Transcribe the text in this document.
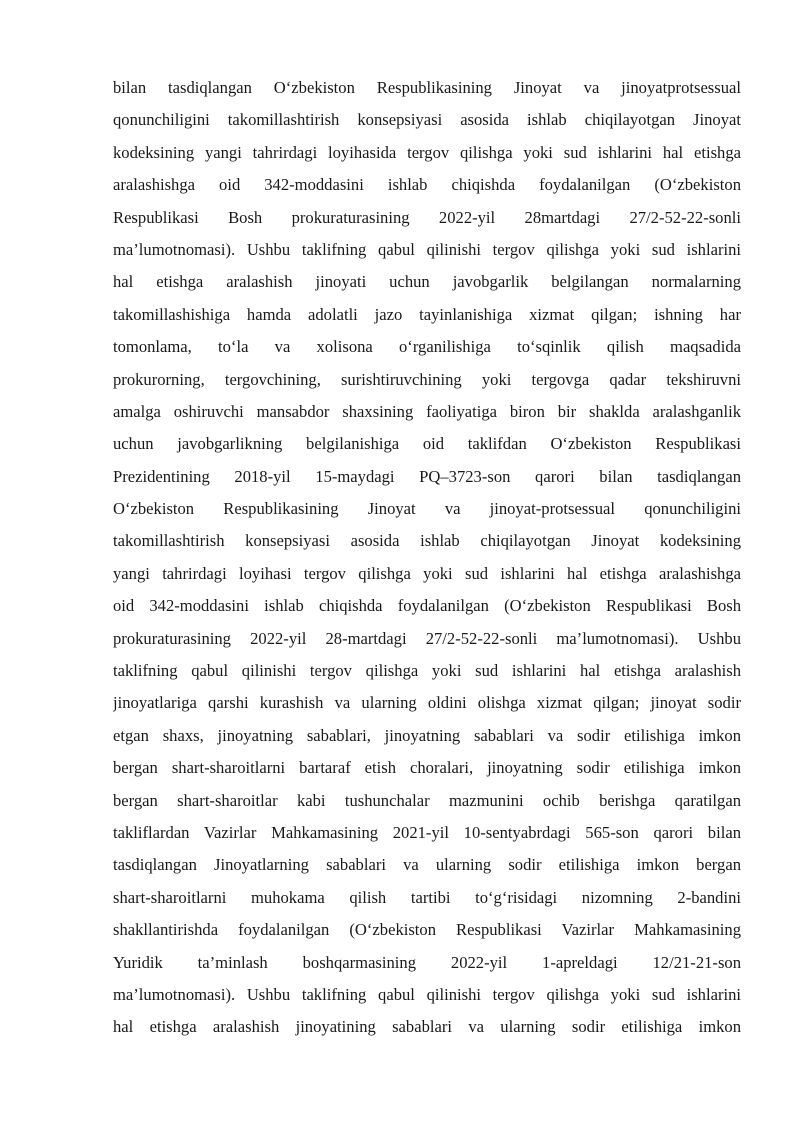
bilan tasdiqlangan O‘zbekiston Respublikasining Jinoyat va jinoyatprotsessual
qonunchiligini takomillashtirish konsepsiyasi asosida ishlab chiqilayotgan Jinoyat
kodeksining yangi tahrirdagi loyihasida tergov qilishga yoki sud ishlarini hal etishga
aralashishga oid 342-moddasini ishlab chiqishda foydalanilgan (O‘zbekiston
Respublikasi Bosh prokuraturasining 2022-yil 28martdagi 27/2-52-22-sonli
ma’lumotnomasi). Ushbu taklifning qabul qilinishi tergov qilishga yoki sud ishlarini
hal etishga aralashish jinoyati uchun javobgarlik belgilangan normalarning
takomillashishiga hamda adolatli jazo tayinlanishiga xizmat qilgan; ishning har
tomonlama, to‘la va xolisona o‘rganilishiga to‘sqinlik qilish maqsadida
prokurorning, tergovchining, surishtiruvchining yoki tergovga qadar tekshiruvni
amalga oshiruvchi mansabdor shaxsining faoliyatiga biron bir shaklda aralashganlik
uchun javobgarlikning belgilanishiga oid taklifdan O‘zbekiston Respublikasi
Prezidentining 2018-yil 15-maydagi PQ–3723-son qarori bilan tasdiqlangan
O‘zbekiston Respublikasining Jinoyat va jinoyat-protsessual qonunchiligini
takomillashtirish konsepsiyasi asosida ishlab chiqilayotgan Jinoyat kodeksining
yangi tahrirdagi loyihasi tergov qilishga yoki sud ishlarini hal etishga aralashishga
oid 342-moddasini ishlab chiqishda foydalanilgan (O‘zbekiston Respublikasi Bosh
prokuraturasining 2022-yil 28-martdagi 27/2-52-22-sonli ma’lumotnomasi). Ushbu
taklifning qabul qilinishi tergov qilishga yoki sud ishlarini hal etishga aralashish
jinoyatlariga qarshi kurashish va ularning oldini olishga xizmat qilgan; jinoyat sodir
etgan shaxs, jinoyatning sabablari, jinoyatning sabablari va sodir etilishiga imkon
bergan shart-sharoitlarni bartaraf etish choralari, jinoyatning sodir etilishiga imkon
bergan shart-sharoitlar kabi tushunchalar mazmunini ochib berishga qaratilgan
takliflardan Vazirlar Mahkamasining 2021-yil 10-sentyabrdagi 565-son qarori bilan
tasdiqlangan Jinoyatlarning sabablari va ularning sodir etilishiga imkon bergan
shart-sharoitlarni muhokama qilish tartibi to‘g‘risidagi nizomning 2-bandini
shakllantirishda foydalanilgan (O‘zbekiston Respublikasi Vazirlar Mahkamasining
Yuridik ta’minlash boshqarmasining 2022-yil 1-apreldagi 12/21-21-son
ma’lumotnomasi). Ushbu taklifning qabul qilinishi tergov qilishga yoki sud ishlarini
hal etishga aralashish jinoyatining sabablari va ularning sodir etilishiga imkon
